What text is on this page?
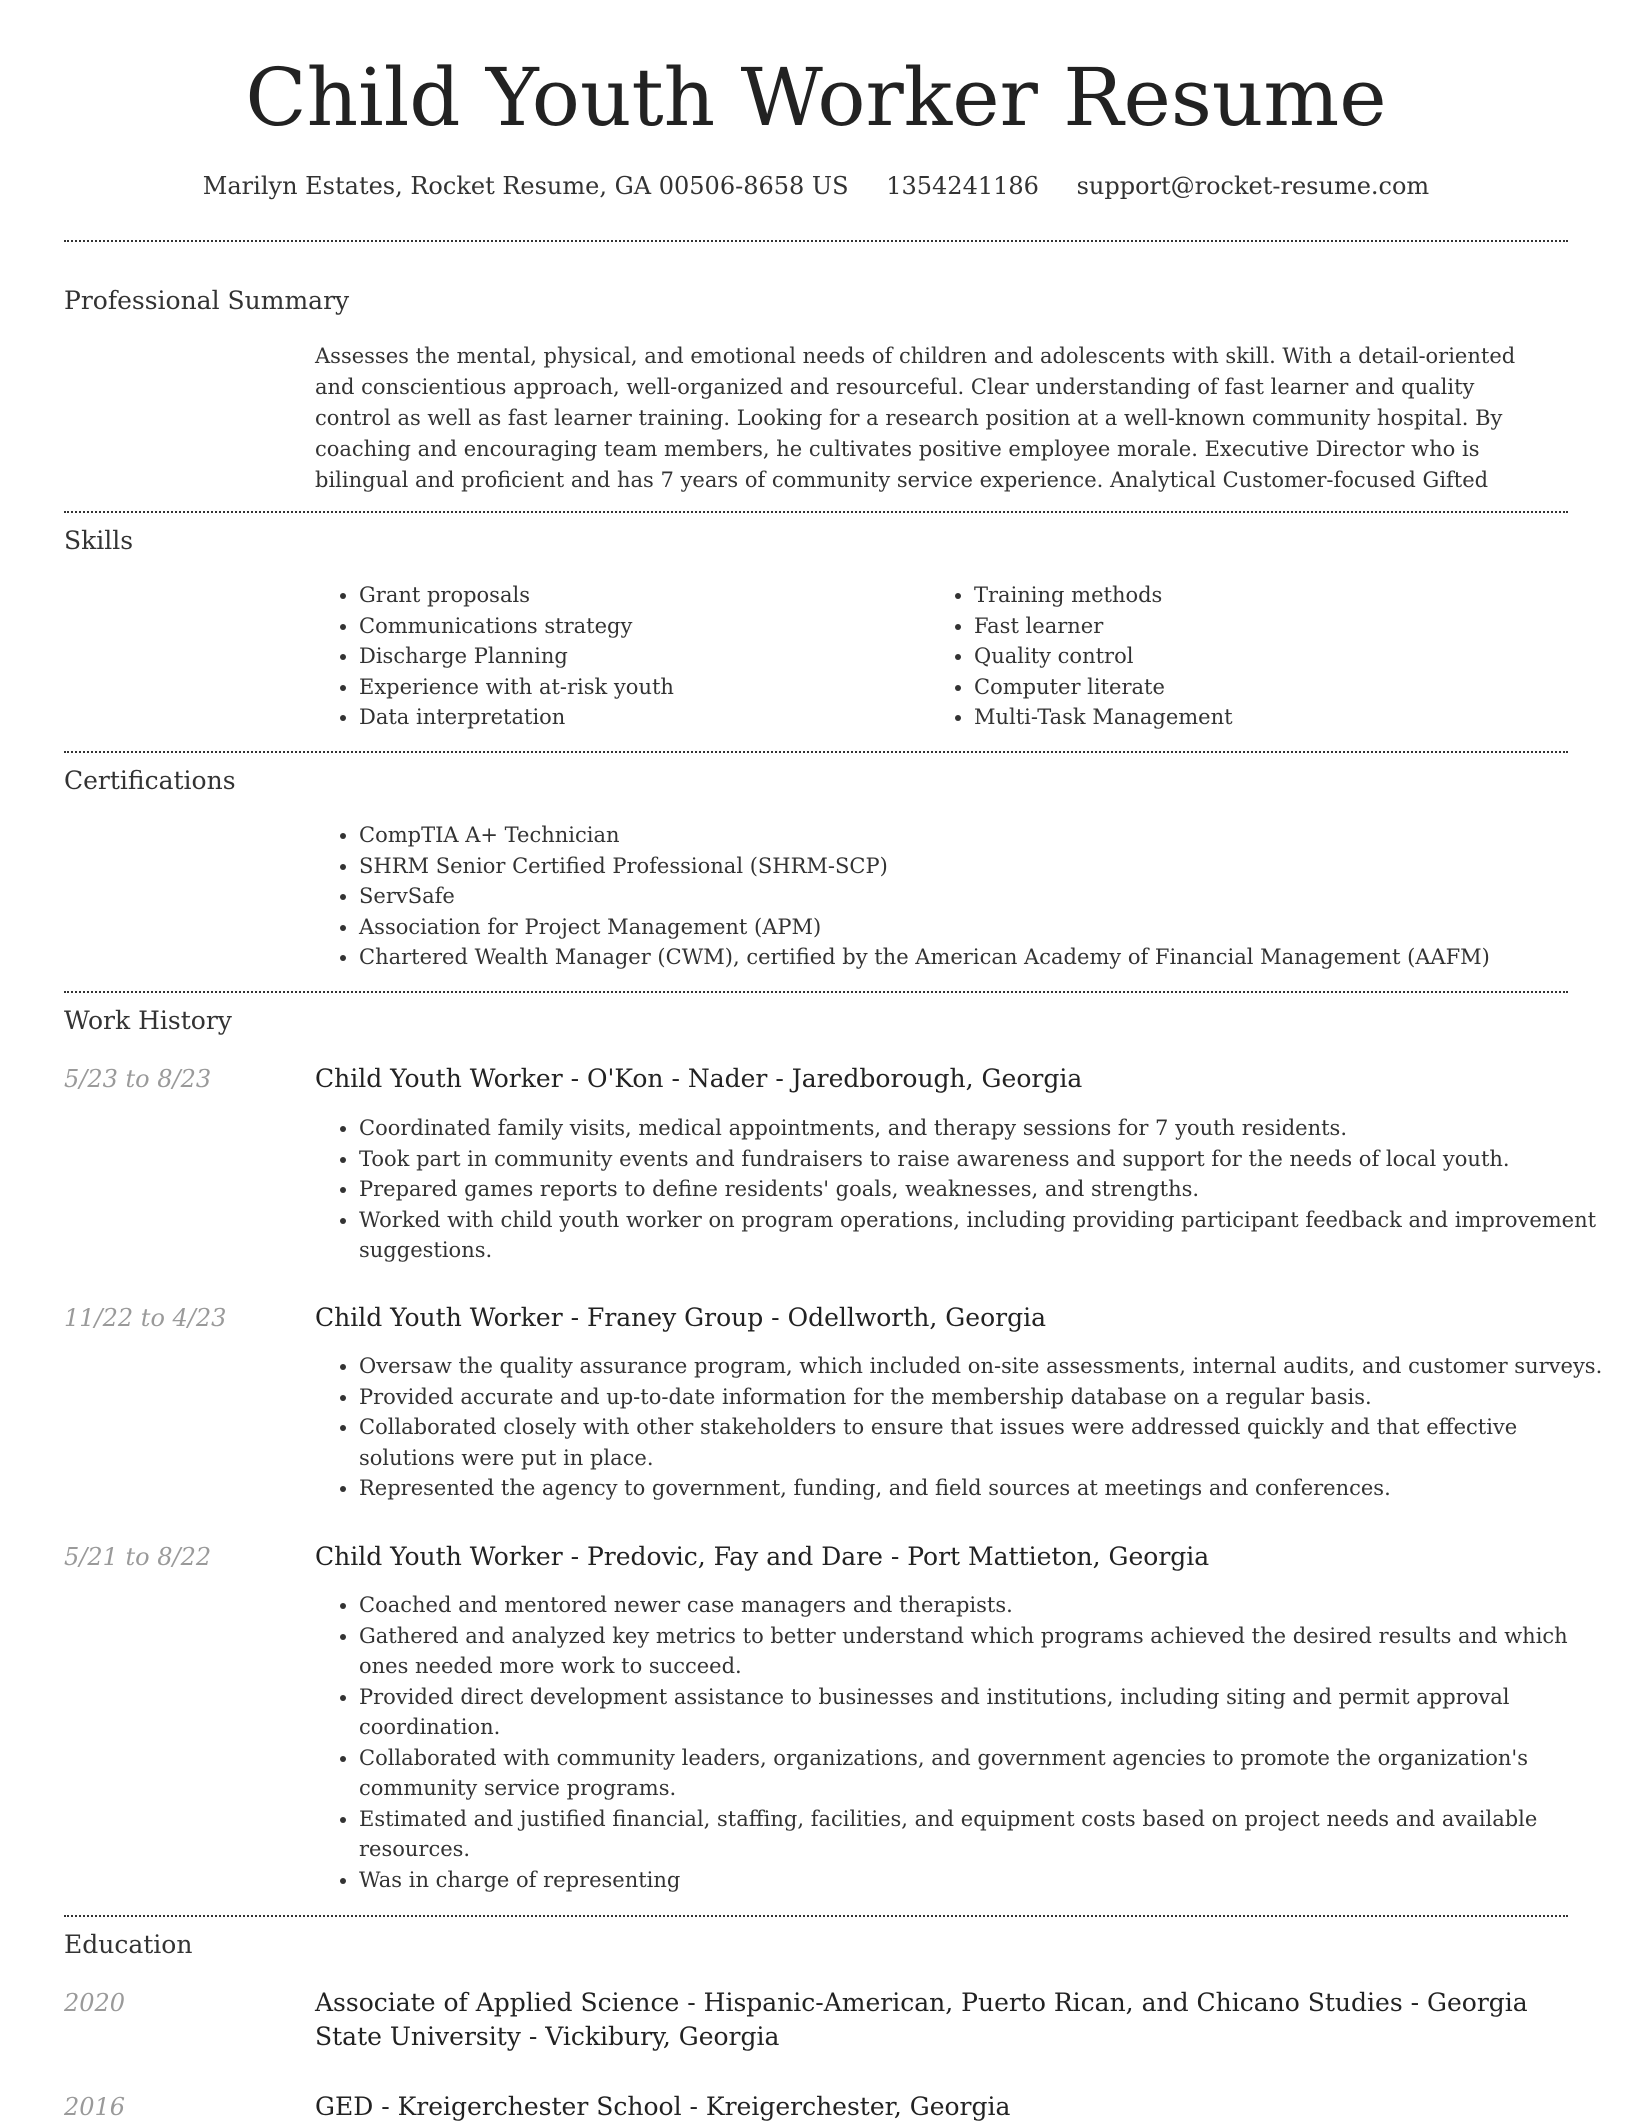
Child Youth Worker Resume
Marilyn Estates, Rocket Resume, GA 00506-8658 US 1354241186 support@rocket-resume.com
Professional Summary

Assesses the mental, physical, and emotional needs of children and adolescents with skill. With a detail-oriented and conscientious approach, well-organized and resourceful. Clear understanding of fast learner and quality control as well as fast learner training. Looking for a research position at a well-known community hospital. By coaching and encouraging team members, he cultivates positive employee morale. Executive Director who is bilingual and proficient and has 7 years of community service experience. Analytical Customer-focused Gifted

Skills
• Grant proposals
• Communications strategy
• Discharge Planning
• Experience with at-risk youth
• Data interpretation
• Training methods
• Fast learner
• Quality control
• Computer literate
• Multi-Task Management
Certifications
• CompTIA A+ Technician
• SHRM Senior Certified Professional (SHRM-SCP)
• ServSafe
• Association for Project Management (APM)
• Chartered Wealth Manager (CWM), certified by the American Academy of Financial Management (AAFM)
Work History
5/23 to 8/23	Child Youth Worker - O'Kon - Nader - Jaredborough, Georgia
• Coordinated family visits, medical appointments, and therapy sessions for 7 youth residents.
• Took part in community events and fundraisers to raise awareness and support for the needs of local youth.
• Prepared games reports to define residents' goals, weaknesses, and strengths.
• Worked with child youth worker on program operations, including providing participant feedback and improvement suggestions.
11/22 to 4/23	Child Youth Worker - Franey Group - Odellworth, Georgia
• Oversaw the quality assurance program, which included on-site assessments, internal audits, and customer surveys.
• Provided accurate and up-to-date information for the membership database on a regular basis.
• Collaborated closely with other stakeholders to ensure that issues were addressed quickly and that effective solutions were put in place.
• Represented the agency to government, funding, and field sources at meetings and conferences.
5/21 to 8/22	Child Youth Worker - Predovic, Fay and Dare - Port Mattieton, Georgia
• Coached and mentored newer case managers and therapists.
• Gathered and analyzed key metrics to better understand which programs achieved the desired results and which ones needed more work to succeed.
• Provided direct development assistance to businesses and institutions, including siting and permit approval coordination.
• Collaborated with community leaders, organizations, and government agencies to promote the organization's community service programs.
• Estimated and justified financial, staffing, facilities, and equipment costs based on project needs and available resources.
• Was in charge of representing
Education
2020	Associate of Applied Science - Hispanic-American, Puerto Rican, and Chicano Studies - Georgia State University - Vickibury, Georgia
2016	GED - Kreigerchester School - Kreigerchester, Georgia
